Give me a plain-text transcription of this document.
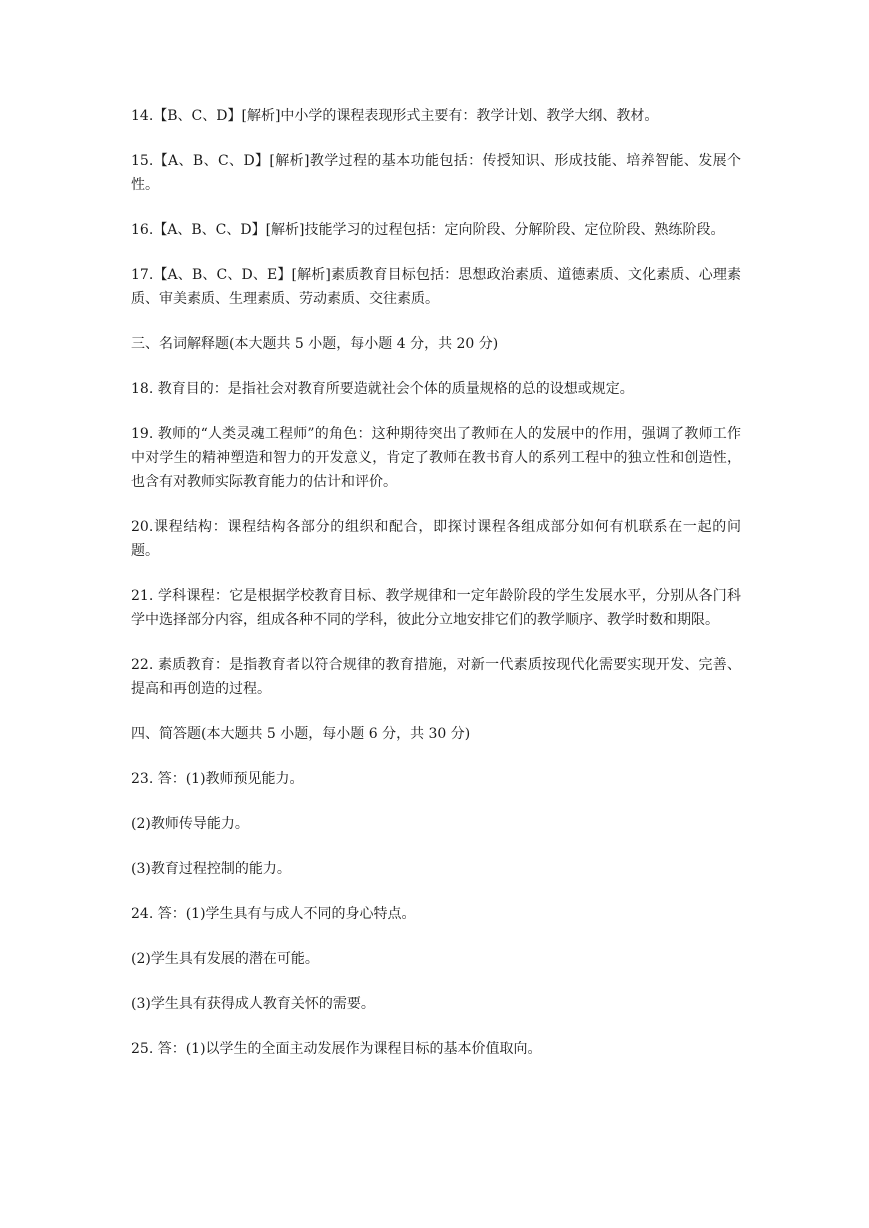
14.【B、C、D】[解析]中小学的课程表现形式主要有：教学计划、教学大纲、教材。

15.【A、B、C、D】[解析]教学过程的基本功能包括：传授知识、形成技能、培养智能、发展个性。

16.【A、B、C、D】[解析]技能学习的过程包括：定向阶段、分解阶段、定位阶段、熟练阶段。

17.【A、B、C、D、E】[解析]素质教育目标包括：思想政治素质、道德素质、文化素质、心理素质、审美素质、生理素质、劳动素质、交往素质。

三、名词解释题(本大题共 5 小题，每小题 4 分，共 20 分)

18. 教育目的：是指社会对教育所要造就社会个体的质量规格的总的设想或规定。

19. 教师的“人类灵魂工程师”的角色：这种期待突出了教师在人的发展中的作用，强调了教师工作中对学生的精神塑造和智力的开发意义，肯定了教师在教书育人的系列工程中的独立性和创造性，也含有对教师实际教育能力的估计和评价。

20.课程结构：课程结构各部分的组织和配合，即探讨课程各组成部分如何有机联系在一起的问题。

21. 学科课程：它是根据学校教育目标、教学规律和一定年龄阶段的学生发展水平，分别从各门科学中选择部分内容，组成各种不同的学科，彼此分立地安排它们的教学顺序、教学时数和期限。

22. 素质教育：是指教育者以符合规律的教育措施，对新一代素质按现代化需要实现开发、完善、提高和再创造的过程。

四、简答题(本大题共 5 小题，每小题 6 分，共 30 分)

23. 答：(1)教师预见能力。

(2)教师传导能力。

(3)教育过程控制的能力。

24. 答：(1)学生具有与成人不同的身心特点。

(2)学生具有发展的潜在可能。

(3)学生具有获得成人教育关怀的需要。

25. 答：(1)以学生的全面主动发展作为课程目标的基本价值取向。
